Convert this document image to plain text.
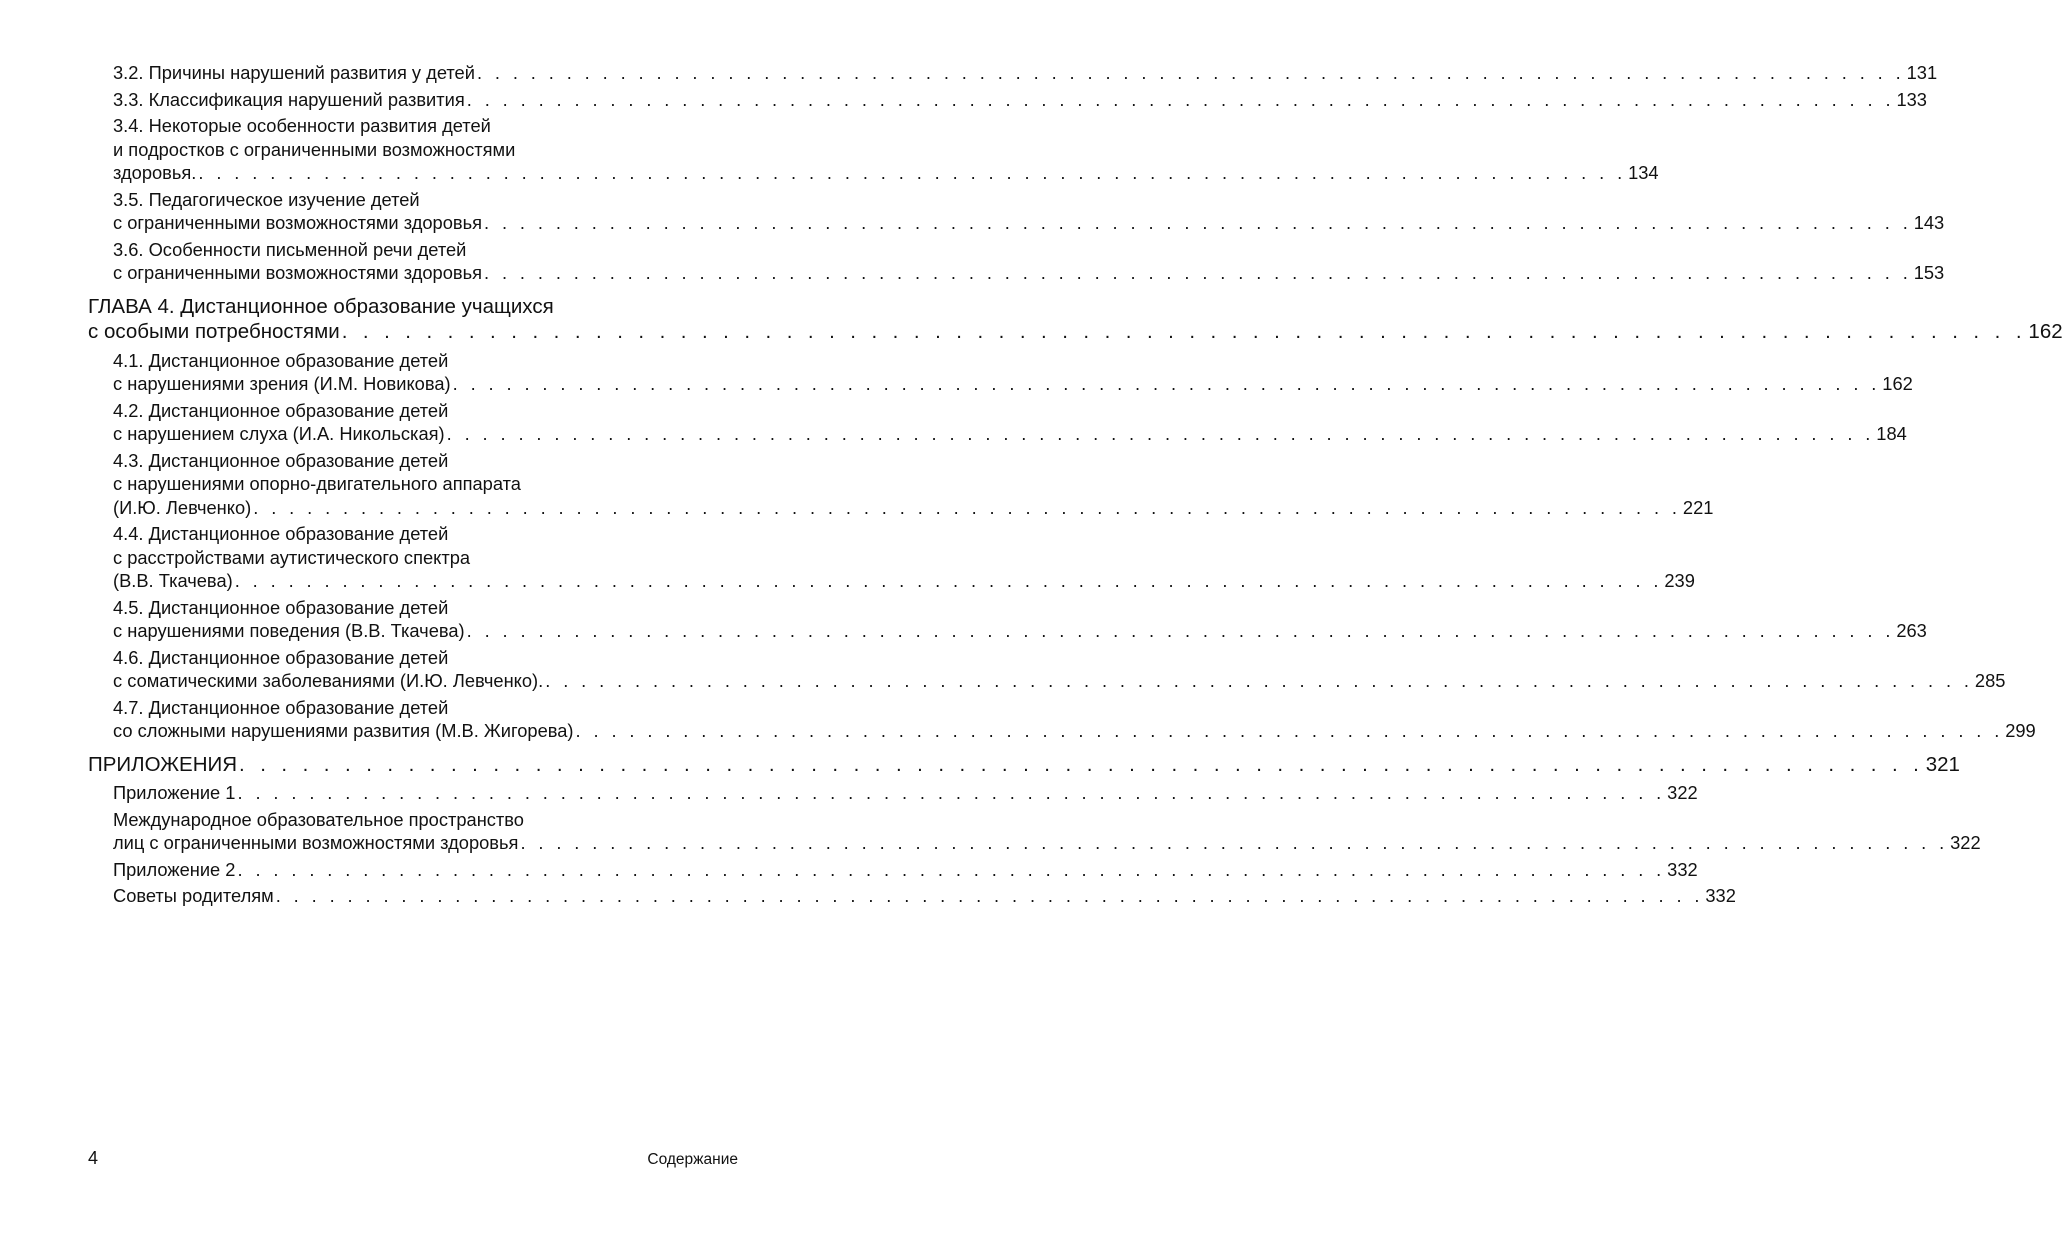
3.2. Причины нарушений развития у детей . . . . . . . . . . . . . . . . . . . . . . . . . . . . . . . . . . . . . . . . . . . . . . . . . . . . . . . . . . . . . . . . . . . . . . . . . . . . . . . . 131
3.3. Классификация нарушений развития . . . . . . . . . . . . . . . . . . . . . . . . . . . . . . . . . . . . . . . . . . . . . . . . . . . . . . . . . . . . . . . . . . . . . . . . . . . . . . . . 133
3.4. Некоторые особенности развития детей
и подростков с ограниченными возможностями
здоровья. . . . . . . . . . . . . . . . . . . . . . . . . . . . . . . . . . . . . . . . . . . . . . . . . . . . . . . . . . . . . . . . . . . . . . . . . . . . . . . . . 134
3.5. Педагогическое изучение детей
с ограниченными возможностями здоровья . . . . . . . . . . . . . . . . . . . . . . . . . . . . . . . . . . . . . . . . . . . . . . . . . . . . . . . . . . . . . . . . . . . . . . . . . . . . . . . . 143
3.6. Особенности письменной речи детей
с ограниченными возможностями здоровья . . . . . . . . . . . . . . . . . . . . . . . . . . . . . . . . . . . . . . . . . . . . . . . . . . . . . . . . . . . . . . . . . . . . . . . . . . . . . . . . 153
ГЛАВА 4. Дистанционное образование учащихся
с особыми потребностями . . . . . . . . . . . . . . . . . . . . . . . . . . . . . . . . . . . . . . . . . . . . . . . . . . . . . . . . . . . . . . . . . . . . . . . . . . . . . . . . 162
4.1. Дистанционное образование детей
с нарушениями зрения (И.М. Новикова) . . . . . . . . . . . . . . . . . . . . . . . . . . . . . . . . . . . . . . . . . . . . . . . . . . . . . . . . . . . . . . . . . . . . . . . . . . . . . . . . 162
4.2. Дистанционное образование детей
с нарушением слуха (И.А. Никольская) . . . . . . . . . . . . . . . . . . . . . . . . . . . . . . . . . . . . . . . . . . . . . . . . . . . . . . . . . . . . . . . . . . . . . . . . . . . . . . . . 184
4.3. Дистанционное образование детей
с нарушениями опорно-двигательного аппарата
(И.Ю. Левченко) . . . . . . . . . . . . . . . . . . . . . . . . . . . . . . . . . . . . . . . . . . . . . . . . . . . . . . . . . . . . . . . . . . . . . . . . . . . . . . . . 221
4.4. Дистанционное образование детей
с расстройствами аутистического спектра
(В.В. Ткачева) . . . . . . . . . . . . . . . . . . . . . . . . . . . . . . . . . . . . . . . . . . . . . . . . . . . . . . . . . . . . . . . . . . . . . . . . . . . . . . . . 239
4.5. Дистанционное образование детей
с нарушениями поведения (В.В. Ткачева) . . . . . . . . . . . . . . . . . . . . . . . . . . . . . . . . . . . . . . . . . . . . . . . . . . . . . . . . . . . . . . . . . . . . . . . . . . . . . . . . 263
4.6. Дистанционное образование детей
с соматическими заболеваниями (И.Ю. Левченко). . . . . . . . . . . . . . . . . . . . . . . . . . . . . . . . . . . . . . . . . . . . . . . . . . . . . . . . . . . . . . . . . . . . . . . . . . . . . . . . . 285
4.7. Дистанционное образование детей
со сложными нарушениями развития (М.В. Жигорева) . . . . . . . . . . . . . . . . . . . . . . . . . . . . . . . . . . . . . . . . . . . . . . . . . . . . . . . . . . . . . . . . . . . . . . . . . . . . . . . . 299
ПРИЛОЖЕНИЯ . . . . . . . . . . . . . . . . . . . . . . . . . . . . . . . . . . . . . . . . . . . . . . . . . . . . . . . . . . . . . . . . . . . . . . . . . . . . . . . . 321
Приложение 1 . . . . . . . . . . . . . . . . . . . . . . . . . . . . . . . . . . . . . . . . . . . . . . . . . . . . . . . . . . . . . . . . . . . . . . . . . . . . . . . . 322
Международное образовательное пространство
лиц с ограниченными возможностями здоровья . . . . . . . . . . . . . . . . . . . . . . . . . . . . . . . . . . . . . . . . . . . . . . . . . . . . . . . . . . . . . . . . . . . . . . . . . . . . . . . . 322
Приложение 2 . . . . . . . . . . . . . . . . . . . . . . . . . . . . . . . . . . . . . . . . . . . . . . . . . . . . . . . . . . . . . . . . . . . . . . . . . . . . . . . . 332
Советы родителям . . . . . . . . . . . . . . . . . . . . . . . . . . . . . . . . . . . . . . . . . . . . . . . . . . . . . . . . . . . . . . . . . . . . . . . . . . . . . . . . 332
4	Содержание
